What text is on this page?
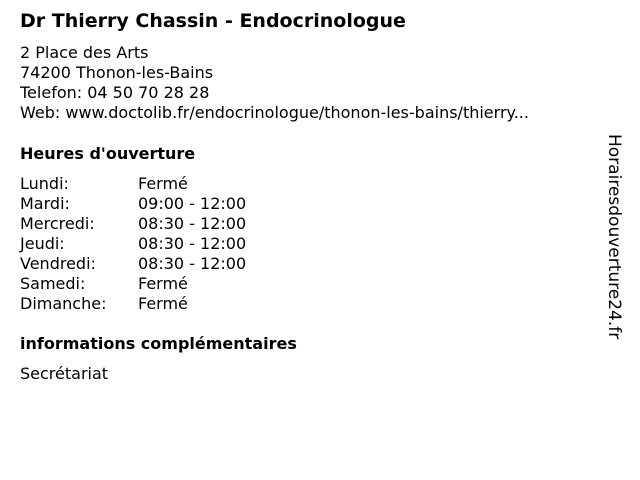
Dr Thierry Chassin - Endocrinologue
2 Place des Arts
74200 Thonon-les-Bains
Telefon: 04 50 70 28 28
Web: www.doctolib.fr/endocrinologue/thonon-les-bains/thierry...
Heures d'ouverture
Lundi:	Fermé
Mardi:	09:00 - 12:00
Mercredi:	08:30 - 12:00
Jeudi:	08:30 - 12:00
Vendredi:	08:30 - 12:00
Samedi:	Fermé
Dimanche:	Fermé
informations complémentaires
Secrétariat
Horairesdouverture24.fr
